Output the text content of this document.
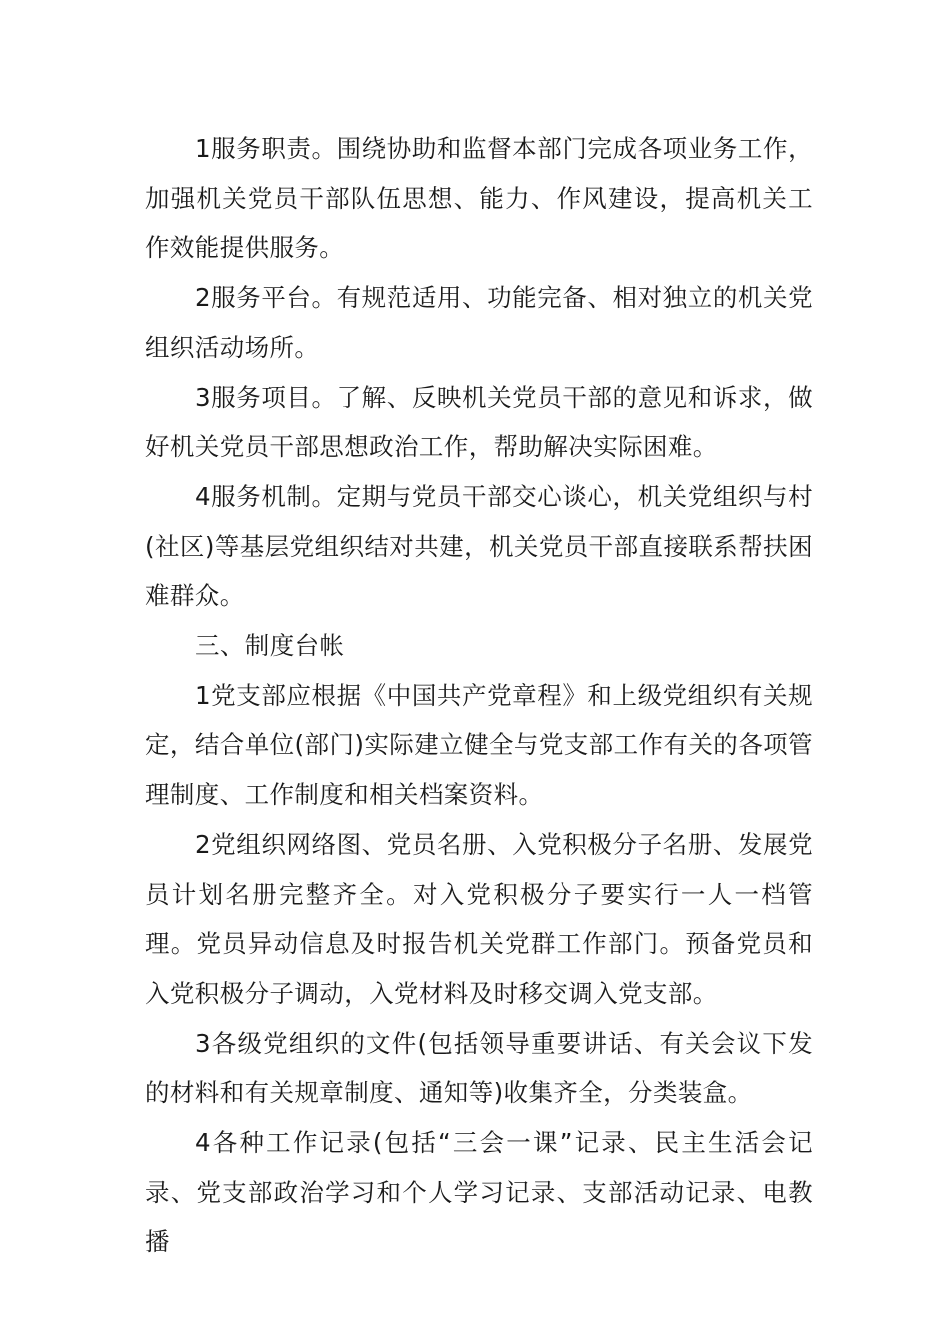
1服务职责。围绕协助和监督本部门完成各项业务工作，加强机关党员干部队伍思想、能力、作风建设，提高机关工作效能提供服务。

2服务平台。有规范适用、功能完备、相对独立的机关党组织活动场所。

3服务项目。了解、反映机关党员干部的意见和诉求，做好机关党员干部思想政治工作，帮助解决实际困难。

4服务机制。定期与党员干部交心谈心，机关党组织与村(社区)等基层党组织结对共建，机关党员干部直接联系帮扶困难群众。

三、制度台帐

1党支部应根据《中国共产党章程》和上级党组织有关规定，结合单位(部门)实际建立健全与党支部工作有关的各项管理制度、工作制度和相关档案资料。

2党组织网络图、党员名册、入党积极分子名册、发展党员计划名册完整齐全。对入党积极分子要实行一人一档管理。党员异动信息及时报告机关党群工作部门。预备党员和入党积极分子调动，入党材料及时移交调入党支部。

3各级党组织的文件(包括领导重要讲话、有关会议下发的材料和有关规章制度、通知等)收集齐全，分类装盒。

4各种工作记录(包括“三会一课”记录、民主生活会记录、党支部政治学习和个人学习记录、支部活动记录、电教播
